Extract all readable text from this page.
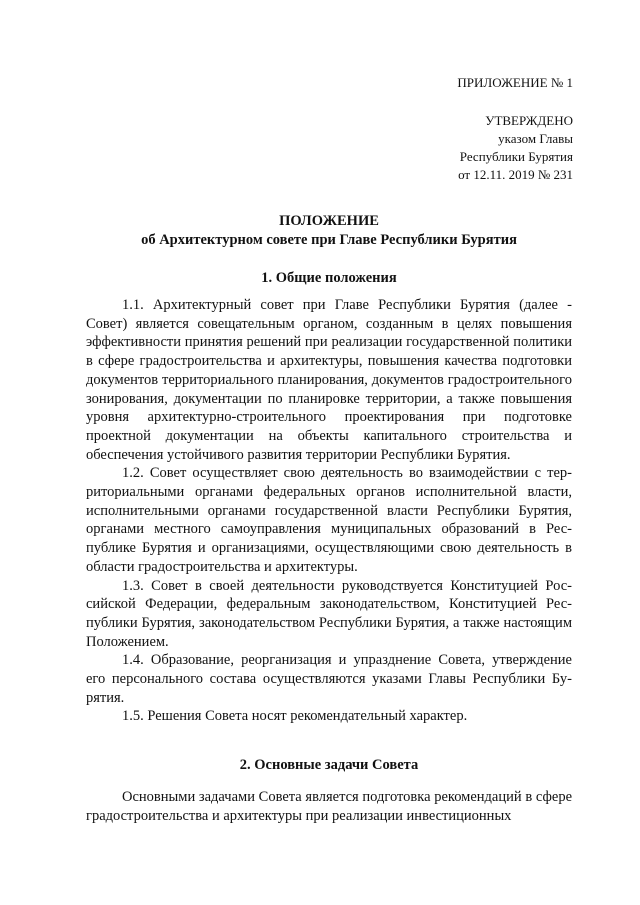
ПРИЛОЖЕНИЕ № 1
УТВЕРЖДЕНО
указом Главы
Республики Бурятия
от 12.11. 2019 № 231
ПОЛОЖЕНИЕ
об Архитектурном совете при Главе Республики Бурятия
1. Общие положения

1.1. Архитектурный совет при Главе Республики Бурятия (далее - Совет) является совещательным органом, созданным в целях повышения эффективности принятия решений при реализации государственной политики в сфере градостроительства и архитектуры, повышения качества подготовки документов территориального планирования, документов градостроительного зонирования, документации по планировке территории, а также повышения уровня архитектурно-строительного проектирования при подготовке проектной документации на объекты капитального строительства и обеспечения устойчивого развития территории Республики Бурятия.

1.2. Совет осуществляет свою деятельность во взаимодействии с территориальными органами федеральных органов исполнительной власти, исполнительными органами государственной власти Республики Бурятия, органами местного самоуправления муниципальных образований в Республике Бурятия и организациями, осуществляющими свою деятельность в области градостроительства и архитектуры.

1.3. Совет в своей деятельности руководствуется Конституцией Российской Федерации, федеральным законодательством, Конституцией Республики Бурятия, законодательством Республики Бурятия, а также настоящим Положением.

1.4. Образование, реорганизация и упразднение Совета, утверждение его персонального состава осуществляются указами Главы Республики Бурятия.

1.5. Решения Совета носят рекомендательный характер.

2. Основные задачи Совета

Основными задачами Совета является подготовка рекомендаций в сфере градостроительства и архитектуры при реализации инвестиционных
